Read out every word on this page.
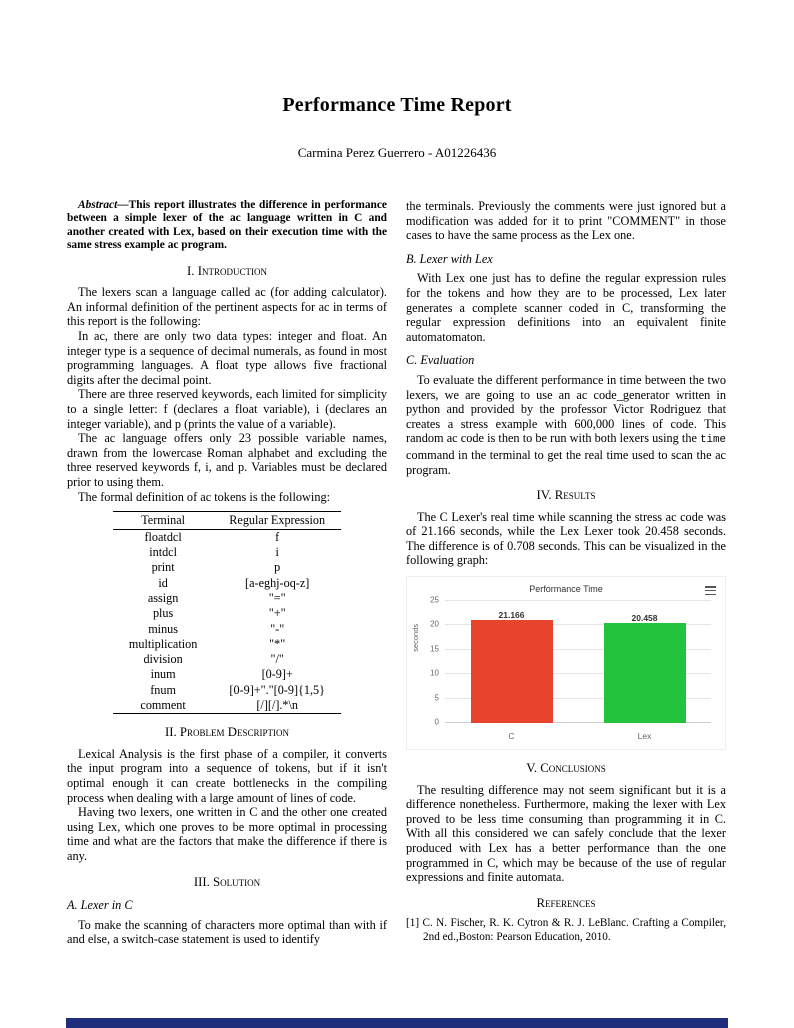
Performance Time Report
Carmina Perez Guerrero - A01226436

Abstract—This report illustrates the difference in performance between a simple lexer of the ac language written in C and another created with Lex, based on their execution time with the same stress example ac program.

I. Introduction

The lexers scan a language called ac (for adding calculator). An informal definition of the pertinent aspects for ac in terms of this report is the following:

In ac, there are only two data types: integer and float. An integer type is a sequence of decimal numerals, as found in most programming languages. A float type allows five fractional digits after the decimal point.

There are three reserved keywords, each limited for simplicity to a single letter: f (declares a float variable), i (declares an integer variable), and p (prints the value of a variable).

The ac language offers only 23 possible variable names, drawn from the lowercase Roman alphabet and excluding the three reserved keywords f, i, and p. Variables must be declared prior to using them.

The formal definition of ac tokens is the following:

Terminal	Regular Expression
floatdcl	f
intdcl	i
print	p
id	[a-eghj-oq-z]
assign	"="
plus	"+"
minus	"-"
multiplication	"*"
division	"/"
inum	[0-9]+
fnum	[0-9]+"."[0-9]{1,5}
comment	[/][/].*\n
II. Problem Description

Lexical Analysis is the first phase of a compiler, it converts the input program into a sequence of tokens, but if it isn't optimal enough it can create bottlenecks in the compiling process when dealing with a large amount of lines of code.

Having two lexers, one written in C and the other one created using Lex, which one proves to be more optimal in processing time and what are the factors that make the difference if there is any.

III. Solution
A. Lexer in C

To make the scanning of characters more optimal than with if and else, a switch-case statement is used to identify

the terminals. Previously the comments were just ignored but a modification was added for it to print "COMMENT" in those cases to have the same process as the Lex one.

B. Lexer with Lex

With Lex one just has to define the regular expression rules for the tokens and how they are to be processed, Lex later generates a complete scanner coded in C, transforming the regular expression definitions into an equivalent finite automatomaton.

C. Evaluation

To evaluate the different performance in time between the two lexers, we are going to use an ac code_generator written in python and provided by the professor Victor Rodriguez that creates a stress example with 600,000 lines of code. This random ac code is then to be run with both lexers using the time command in the terminal to get the real time used to scan the ac program.

IV. Results

The C Lexer's real time while scanning the stress ac code was of 21.166 seconds, while the Lex Lexer took 20.458 seconds. The difference is of 0.708 seconds. This can be visualized in the following graph:

Performance Time
seconds
0
5
10
15
20
25
21.166	20.458
C	Lex
V. Conclusions

The resulting difference may not seem significant but it is a difference nonetheless. Furthermore, making the lexer with Lex proved to be less time consuming than programming it in C. With all this considered we can safely conclude that the lexer produced with Lex has a better performance than the one programmed in C, which may be because of the use of regular expressions and finite automata.

References

[1] C. N. Fischer, R. K. Cytron & R. J. LeBlanc. Crafting a Compiler, 2nd ed.,Boston: Pearson Education, 2010.
